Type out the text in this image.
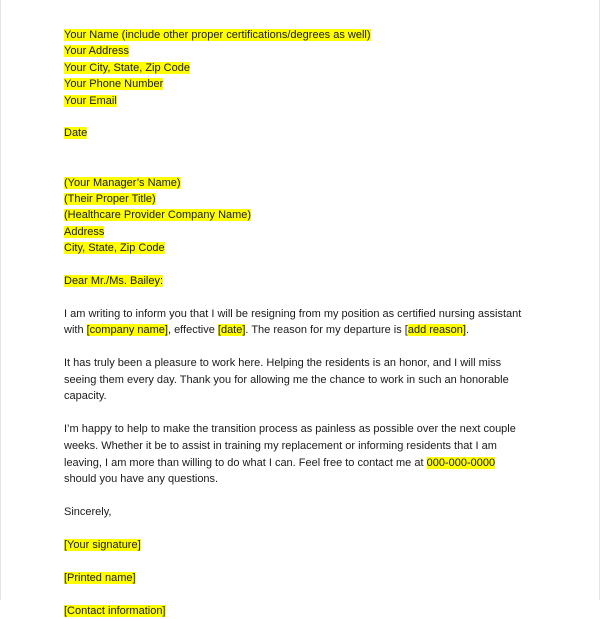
Your Name (include other proper certifications/degrees as well)
Your Address
Your City, State, Zip Code
Your Phone Number
Your Email
Date
(Your Manager’s Name)
(Their Proper Title)
(Healthcare Provider Company Name)
Address
City, State, Zip Code
Dear Mr./Ms. Bailey:
I am writing to inform you that I will be resigning from my position as certified nursing assistant
with [company name], effective [date]. The reason for my departure is [add reason].
It has truly been a pleasure to work here. Helping the residents is an honor, and I will miss
seeing them every day. Thank you for allowing me the chance to work in such an honorable
capacity.
I’m happy to help to make the transition process as painless as possible over the next couple
weeks. Whether it be to assist in training my replacement or informing residents that I am
leaving, I am more than willing to do what I can. Feel free to contact me at 000-000-0000
should you have any questions.
Sincerely,
[Your signature]
[Printed name]
[Contact information]
